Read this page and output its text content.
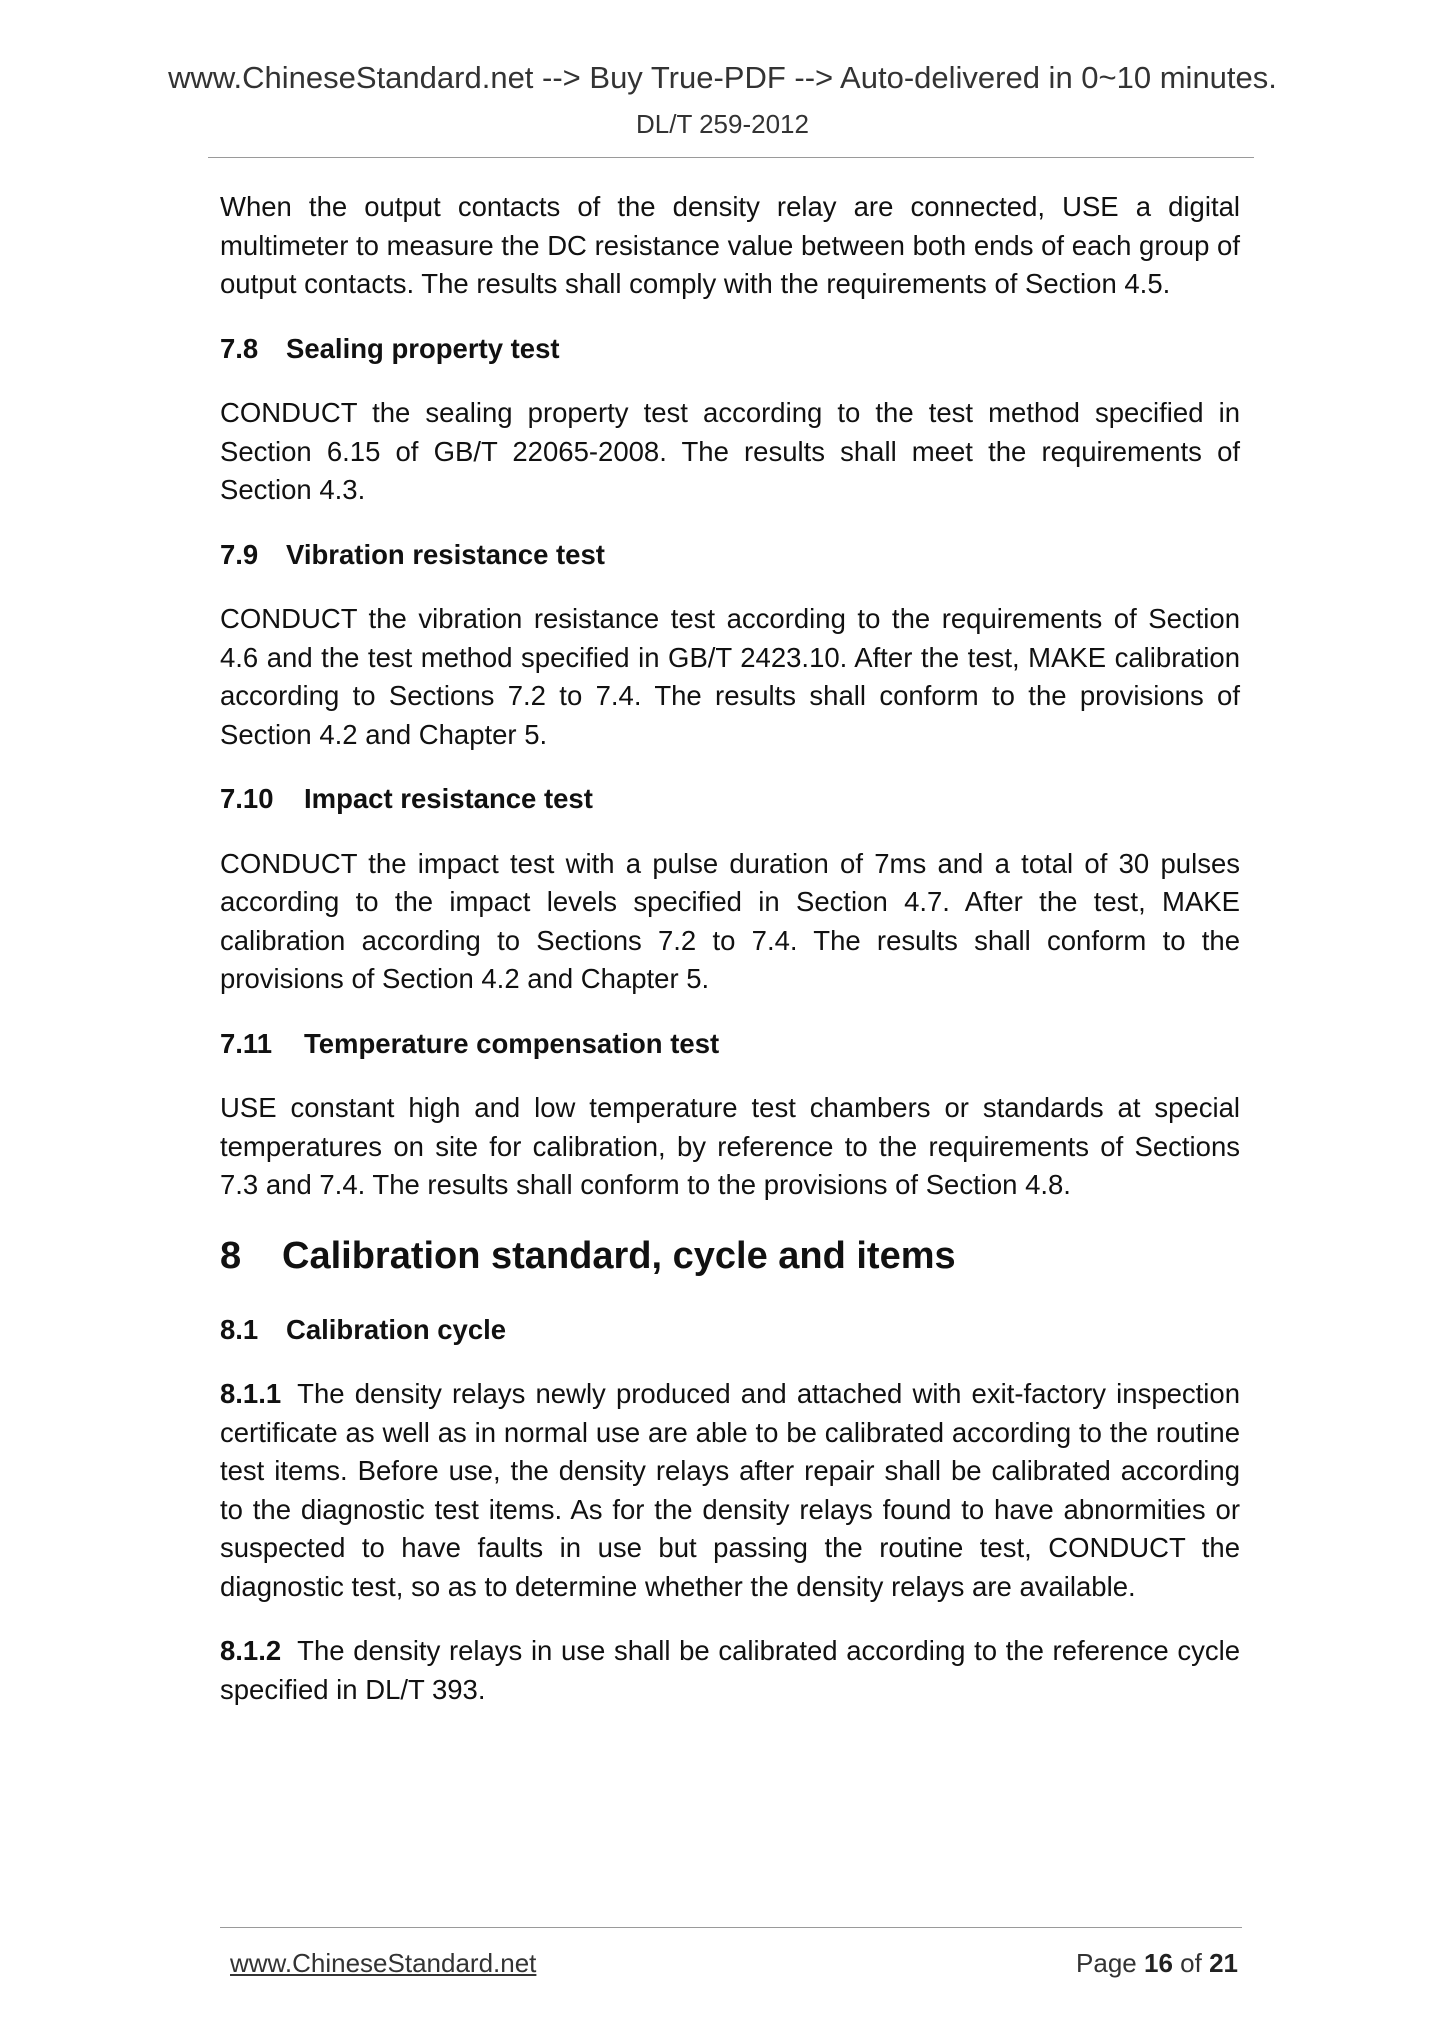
www.ChineseStandard.net --> Buy True-PDF --> Auto-delivered in 0~10 minutes.
DL/T 259-2012

When the output contacts of the density relay are connected, USE a digital multimeter to measure the DC resistance value between both ends of each group of output contacts. The results shall comply with the requirements of Section 4.5.

7.8 Sealing property test

CONDUCT the sealing property test according to the test method specified in Section 6.15 of GB/T 22065-2008. The results shall meet the requirements of Section 4.3.

7.9 Vibration resistance test

CONDUCT the vibration resistance test according to the requirements of Section 4.6 and the test method specified in GB/T 2423.10. After the test, MAKE calibration according to Sections 7.2 to 7.4. The results shall conform to the provisions of Section 4.2 and Chapter 5.

7.10 Impact resistance test

CONDUCT the impact test with a pulse duration of 7ms and a total of 30 pulses according to the impact levels specified in Section 4.7. After the test, MAKE calibration according to Sections 7.2 to 7.4. The results shall conform to the provisions of Section 4.2 and Chapter 5.

7.11 Temperature compensation test

USE constant high and low temperature test chambers or standards at special temperatures on site for calibration, by reference to the requirements of Sections 7.3 and 7.4. The results shall conform to the provisions of Section 4.8.

8 Calibration standard, cycle and items
8.1 Calibration cycle

8.1.1 The density relays newly produced and attached with exit-factory inspection certificate as well as in normal use are able to be calibrated according to the routine test items. Before use, the density relays after repair shall be calibrated according to the diagnostic test items. As for the density relays found to have abnormities or suspected to have faults in use but passing the routine test, CONDUCT the diagnostic test, so as to determine whether the density relays are available.

8.1.2 The density relays in use shall be calibrated according to the reference cycle specified in DL/T 393.

www.ChineseStandard.net	Page 16 of 21
